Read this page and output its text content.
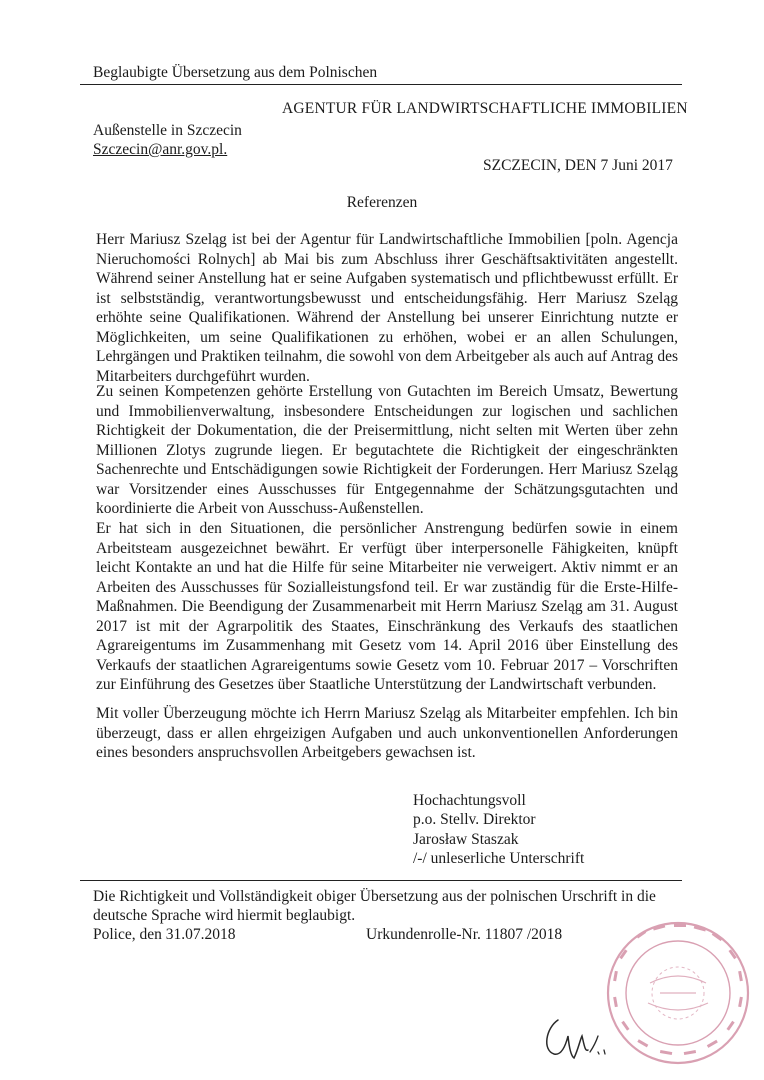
Beglaubigte Übersetzung aus dem Polnischen
AGENTUR FÜR LANDWIRTSCHAFTLICHE IMMOBILIEN
Außenstelle in Szczecin
Szczecin@anr.gov.pl.
SZCZECIN, DEN 7 Juni 2017
Referenzen
Herr Mariusz Szeląg ist bei der Agentur für Landwirtschaftliche Immobilien [poln. Agencja Nieruchomości Rolnych] ab Mai bis zum Abschluss ihrer Geschäftsaktivitäten angestellt. Während seiner Anstellung hat er seine Aufgaben systematisch und pflichtbewusst erfüllt. Er ist selbstständig, verantwortungsbewusst und entscheidungsfähig. Herr Mariusz Szeląg erhöhte seine Qualifikationen. Während der Anstellung bei unserer Einrichtung nutzte er Möglichkeiten, um seine Qualifikationen zu erhöhen, wobei er an allen Schulungen, Lehrgängen und Praktiken teilnahm, die sowohl von dem Arbeitgeber als auch auf Antrag des Mitarbeiters durchgeführt wurden.
Zu seinen Kompetenzen gehörte Erstellung von Gutachten im Bereich Umsatz, Bewertung und Immobilienverwaltung, insbesondere Entscheidungen zur logischen und sachlichen Richtigkeit der Dokumentation, die der Preisermittlung, nicht selten mit Werten über zehn Millionen Zlotys zugrunde liegen. Er begutachtete die Richtigkeit der eingeschränkten Sachenrechte und Entschädigungen sowie Richtigkeit der Forderungen. Herr Mariusz Szeląg war Vorsitzender eines Ausschusses für Entgegennahme der Schätzungsgutachten und koordinierte die Arbeit von Ausschuss-Außenstellen.
Er hat sich in den Situationen, die persönlicher Anstrengung bedürfen sowie in einem Arbeitsteam ausgezeichnet bewährt. Er verfügt über interpersonelle Fähigkeiten, knüpft leicht Kontakte an und hat die Hilfe für seine Mitarbeiter nie verweigert. Aktiv nimmt er an Arbeiten des Ausschusses für Sozialleistungsfond teil. Er war zuständig für die Erste-Hilfe-Maßnahmen. Die Beendigung der Zusammenarbeit mit Herrn Mariusz Szeląg am 31. August 2017 ist mit der Agrarpolitik des Staates, Einschränkung des Verkaufs des staatlichen Agrareigentums im Zusammenhang mit Gesetz vom 14. April 2016 über Einstellung des Verkaufs der staatlichen Agrareigentums sowie Gesetz vom 10. Februar 2017 – Vorschriften zur Einführung des Gesetzes über Staatliche Unterstützung der Landwirtschaft verbunden.
Mit voller Überzeugung möchte ich Herrn Mariusz Szeląg als Mitarbeiter empfehlen. Ich bin überzeugt, dass er allen ehrgeizigen Aufgaben und auch unkonventionellen Anforderungen eines besonders anspruchsvollen Arbeitgebers gewachsen ist.
Hochachtungsvoll
p.o. Stellv. Direktor
Jarosław Staszak
/-/ unleserliche Unterschrift
Die Richtigkeit und Vollständigkeit obiger Übersetzung aus der polnischen Urschrift in die
deutsche Sprache wird hiermit beglaubigt.
Police, den 31.07.2018	Urkundenrolle-Nr. 11807 /2018
